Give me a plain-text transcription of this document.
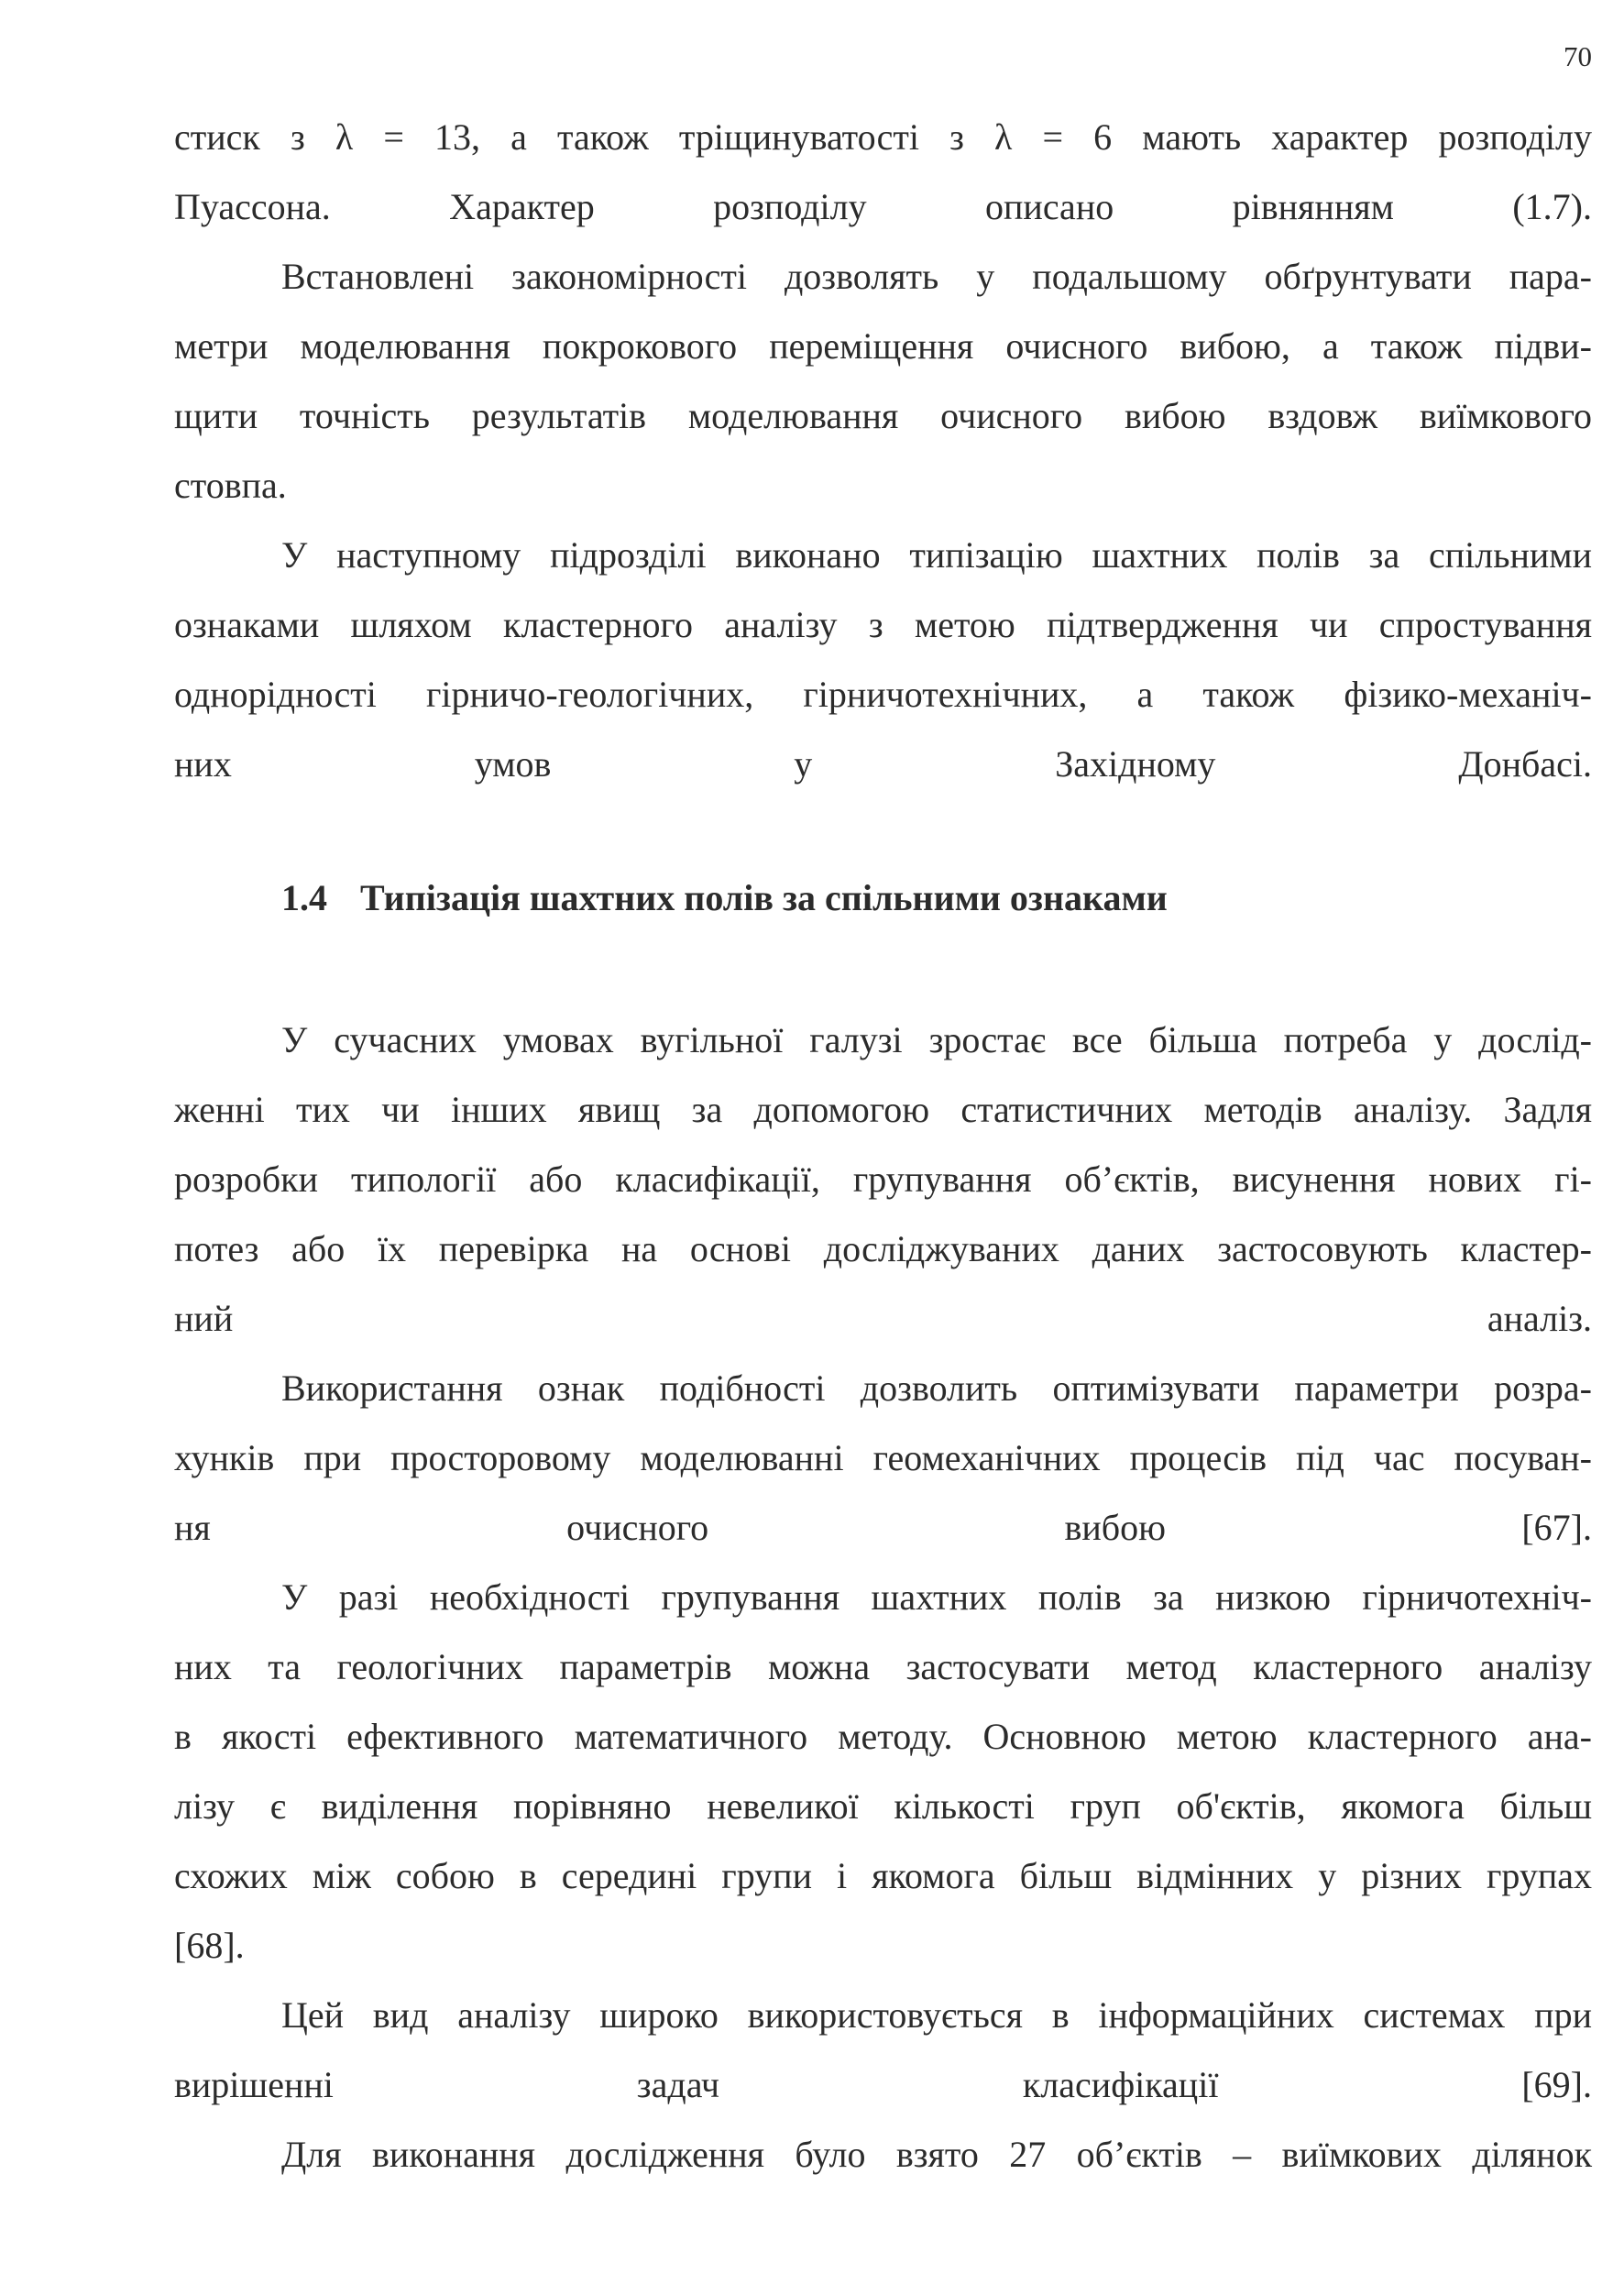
70

стиск з λ = 13, а також тріщинуватості з λ = 6 мають характер розподілу
Пуассона. Характер розподілу описано рівнянням (1.7).

Встановлені закономірності дозволять у подальшому обґрунтувати пара-
метри моделювання покрокового переміщення очисного вибою, а також підви-
щити точність результатів моделювання очисного вибою вздовж виїмкового
стовпа.

У наступному підрозділі виконано типізацію шахтних полів за спільними
ознаками шляхом кластерного аналізу з метою підтвердження чи спростування
однорідності гірничо-геологічних, гірничотехнічних, а також фізико-механіч-
них умов у Західному Донбасі.

1.4 Типізація шахтних полів за спільними ознаками

У сучасних умовах вугільної галузі зростає все більша потреба у дослід-
женні тих чи інших явищ за допомогою статистичних методів аналізу. Задля
розробки типології або класифікації, групування об’єктів, висунення нових гі-
потез або їх перевірка на основі досліджуваних даних застосовують кластер-
ний аналіз.

Використання ознак подібності дозволить оптимізувати параметри розра-
хунків при просторовому моделюванні геомеханічних процесів під час посуван-
ня очисного вибою [67].

У разі необхідності групування шахтних полів за низкою гірничотехніч-
них та геологічних параметрів можна застосувати метод кластерного аналізу
в якості ефективного математичного методу. Основною метою кластерного ана-
лізу є виділення порівняно невеликої кількості груп об'єктів, якомога більш
схожих між собою в середині групи і якомога більш відмінних у різних групах
[68].

Цей вид аналізу широко використовується в інформаційних системах при
вирішенні задач класифікації [69].

Для виконання дослідження було взято 27 об’єктів – виїмкових ділянок
